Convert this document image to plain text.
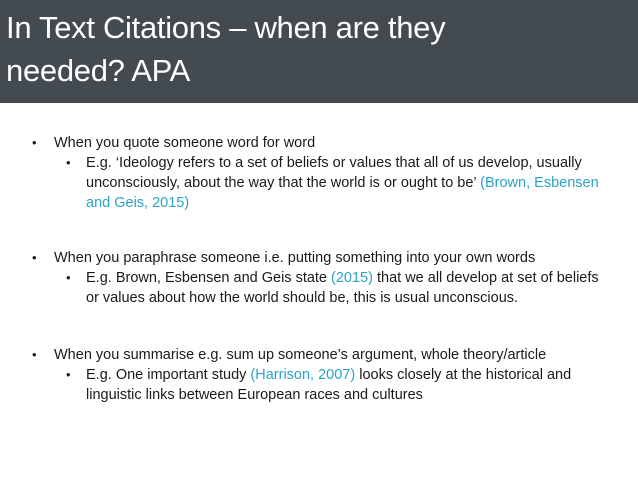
In Text Citations – when are they
needed? APA

• When you quote someone word for word

• E.g. ‘Ideology refers to a set of beliefs or values that all of us develop, usually unconsciously, about the way that the world is or ought to be’ (Brown, Esbensen and Geis, 2015)

• When you paraphrase someone i.e. putting something into your own words

• E.g. Brown, Esbensen and Geis state (2015) that we all develop at set of beliefs or values about how the world should be, this is usual unconscious.

• When you summarise e.g. sum up someone’s argument, whole theory/article

• E.g. One important study (Harrison, 2007) looks closely at the historical and linguistic links between European races and cultures
